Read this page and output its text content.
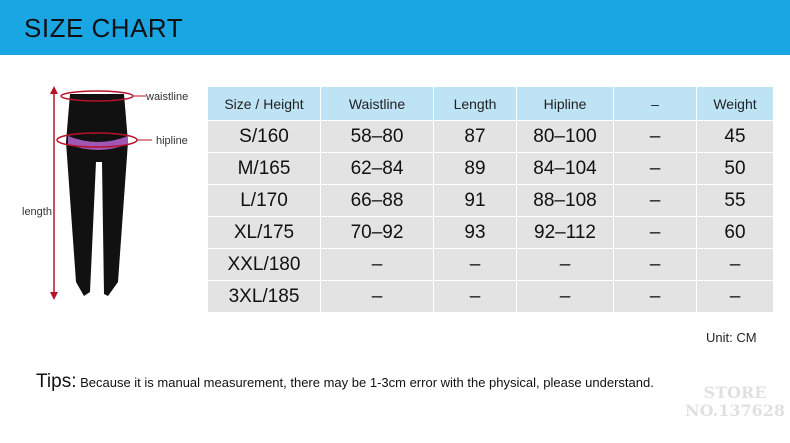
SIZE CHART
waistline
hipline
length
Size / Height	Waistline	Length	Hipline	–	Weight
S/160	58–80	87	80–100	–	45
M/165	62–84	89	84–104	–	50
L/170	66–88	91	88–108	–	55
XL/175	70–92	93	92–112	–	60
XXL/180	–	–	–	–	–
3XL/185	–	–	–	–	–
Unit: CM
Tips: Because it is manual measurement, there may be 1-3cm error with the physical, please understand.
STORE
NO.137628
